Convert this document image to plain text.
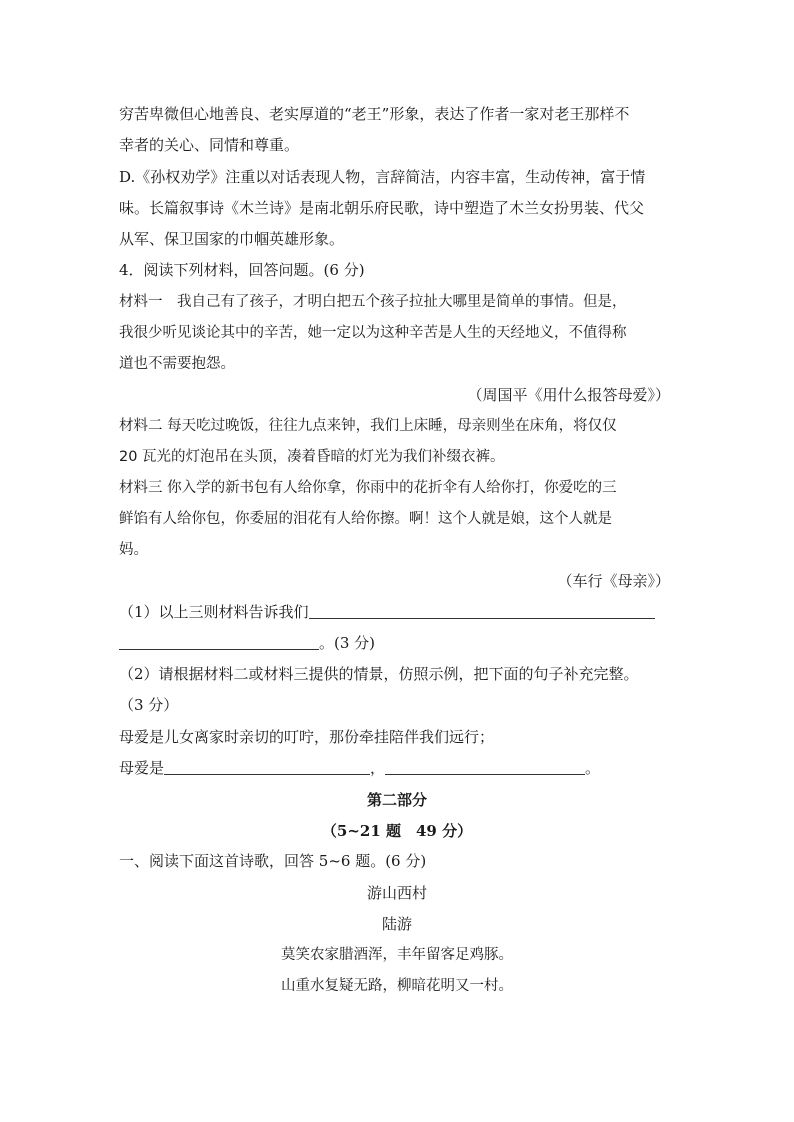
穷苦卑微但心地善良、老实厚道的“老王”形象，表达了作者一家对老王那样不
幸者的关心、同情和尊重。
D.《孙权劝学》注重以对话表现人物，言辞简洁，内容丰富，生动传神，富于情
味。长篇叙事诗《木兰诗》是南北朝乐府民歌，诗中塑造了木兰女扮男装、代父
从军、保卫国家的巾帼英雄形象。
4．阅读下列材料，回答问题。(6 分)
材料一　我自己有了孩子，才明白把五个孩子拉扯大哪里是简单的事情。但是，
我很少听见谈论其中的辛苦，她一定以为这种辛苦是人生的天经地义，不值得称
道也不需要抱怨。
（周国平《用什么报答母爱》）
材料二 每天吃过晚饭，往往九点来钟，我们上床睡，母亲则坐在床角，将仅仅
20 瓦光的灯泡吊在头顶，凑着昏暗的灯光为我们补缀衣裤。
材料三 你入学的新书包有人给你拿，你雨中的花折伞有人给你打，你爱吃的三
鲜馅有人给你包，你委屈的泪花有人给你擦。啊！这个人就是娘，这个人就是
妈。
（车行《母亲》）
（1）以上三则材料告诉我们
。(3 分)
（2）请根据材料二或材料三提供的情景，仿照示例，把下面的句子补充完整。
（3 分）
母爱是儿女离家时亲切的叮咛，那份牵挂陪伴我们远行；
母爱是	，	。
第二部分
（5~21 题　49 分）
一、阅读下面这首诗歌，回答 5~6 题。(6 分)
游山西村
陆游
莫笑农家腊酒浑，丰年留客足鸡豚。
山重水复疑无路，柳暗花明又一村。
